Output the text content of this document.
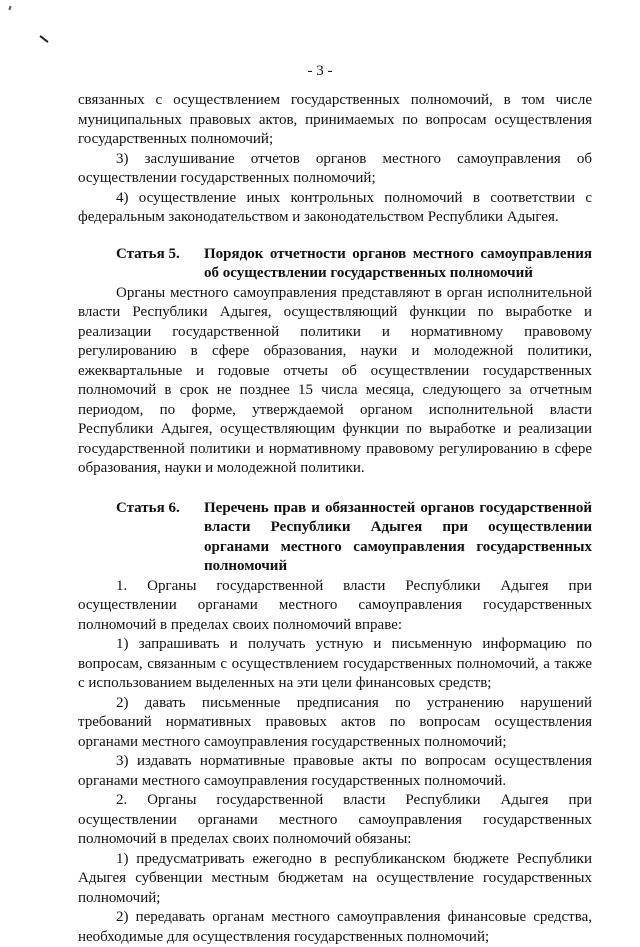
- 3 -

связанных с осуществлением государственных полномочий, в том числе муниципальных правовых актов, принимаемых по вопросам осуществления государственных полномочий;

3) заслушивание отчетов органов местного самоуправления об осуществлении государственных полномочий;

4) осуществление иных контрольных полномочий в соответствии с федеральным законодательством и законодательством Республики Адыгея.

Статья 5.	Порядок отчетности органов местного самоуправления об осуществлении государственных полномочий

Органы местного самоуправления представляют в орган исполнительной власти Республики Адыгея, осуществляющий функции по выработке и реализации государственной политики и нормативному правовому регулированию в сфере образования, науки и молодежной политики, ежеквартальные и годовые отчеты об осуществлении государственных полномочий в срок не позднее 15 числа месяца, следующего за отчетным периодом, по форме, утверждаемой органом исполнительной власти Республики Адыгея, осуществляющим функции по выработке и реализации государственной политики и нормативному правовому регулированию в сфере образования, науки и молодежной политики.

Статья 6.	Перечень прав и обязанностей органов государственной власти Республики Адыгея при осуществлении органами местного самоуправления государственных полномочий

1. Органы государственной власти Республики Адыгея при осуществлении органами местного самоуправления государственных полномочий в пределах своих полномочий вправе:

1) запрашивать и получать устную и письменную информацию по вопросам, связанным с осуществлением государственных полномочий, а также с использованием выделенных на эти цели финансовых средств;

2) давать письменные предписания по устранению нарушений требований нормативных правовых актов по вопросам осуществления органами местного самоуправления государственных полномочий;

3) издавать нормативные правовые акты по вопросам осуществления органами местного самоуправления государственных полномочий.

2. Органы государственной власти Республики Адыгея при осуществлении органами местного самоуправления государственных полномочий в пределах своих полномочий обязаны:

1) предусматривать ежегодно в республиканском бюджете Республики Адыгея субвенции местным бюджетам на осуществление государственных полномочий;

2) передавать органам местного самоуправления финансовые средства, необходимые для осуществления государственных полномочий;
